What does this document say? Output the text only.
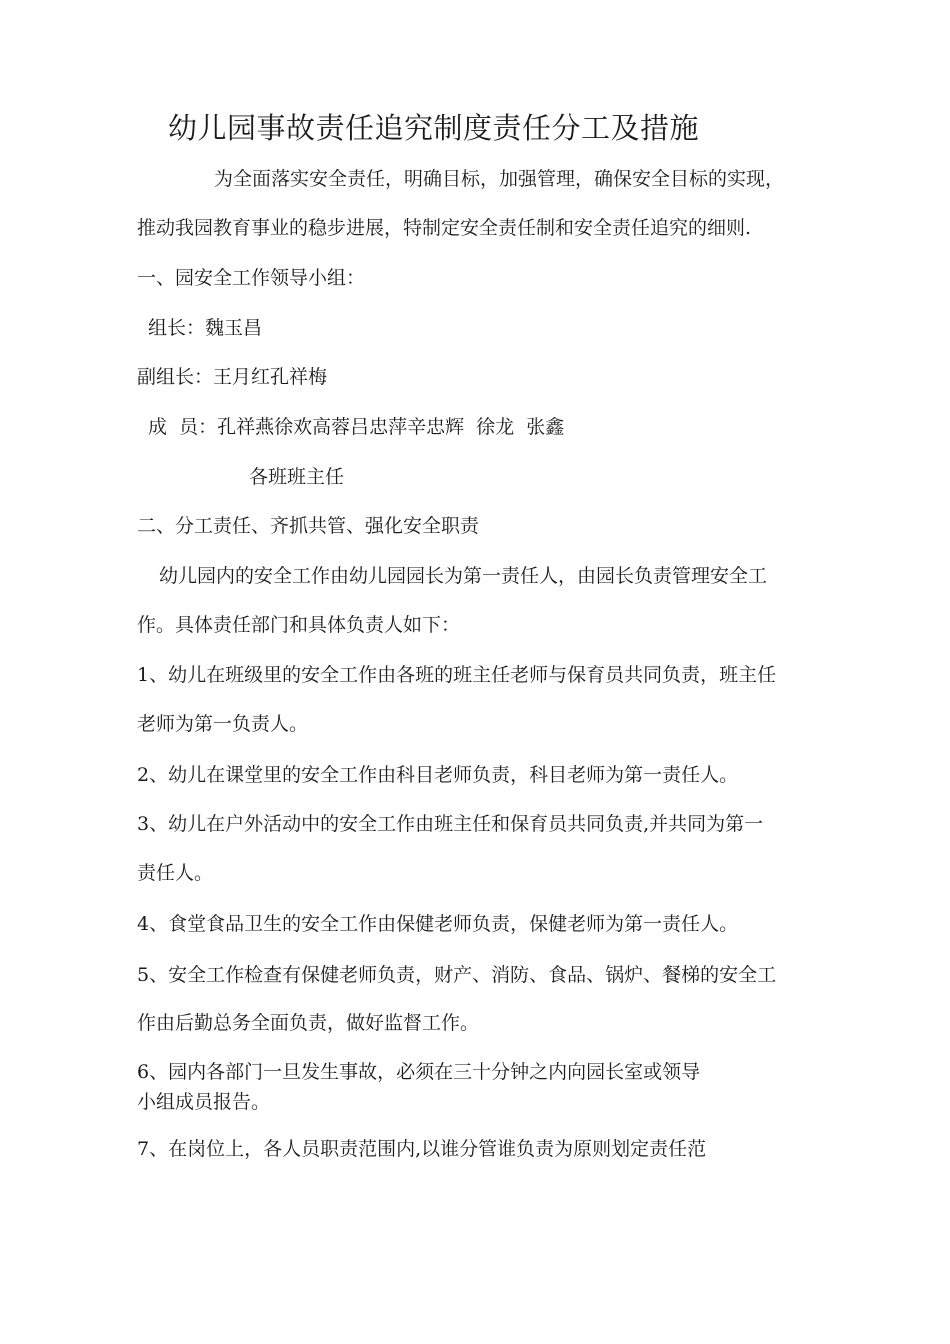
幼儿园事故责任追究制度责任分工及措施
为全面落实安全责任，明确目标，加强管理，确保安全目标的实现，
推动我园教育事业的稳步进展，特制定安全责任制和安全责任追究的细则.
一、园安全工作领导小组：
组长：魏玉昌
副组长：王月红孔祥梅
成  员：孔祥燕徐欢高蓉吕忠萍辛忠辉  徐龙  张鑫
各班班主任
二、分工责任、齐抓共管、强化安全职责
幼儿园内的安全工作由幼儿园园长为第一责任人，由园长负责管理安全工
作。具体责任部门和具体负责人如下：
1、幼儿在班级里的安全工作由各班的班主任老师与保育员共同负责，班主任
老师为第一负责人。
2、幼儿在课堂里的安全工作由科目老师负责，科目老师为第一责任人。
3、幼儿在户外活动中的安全工作由班主任和保育员共同负责,并共同为第一
责任人。
4、食堂食品卫生的安全工作由保健老师负责，保健老师为第一责任人。
5、安全工作检查有保健老师负责，财产、消防、食品、锅炉、餐梯的安全工
作由后勤总务全面负责，做好监督工作。
6、园内各部门一旦发生事故，必须在三十分钟之内向园长室或领导
小组成员报告。
7、在岗位上，各人员职责范围内,以谁分管谁负责为原则划定责任范
